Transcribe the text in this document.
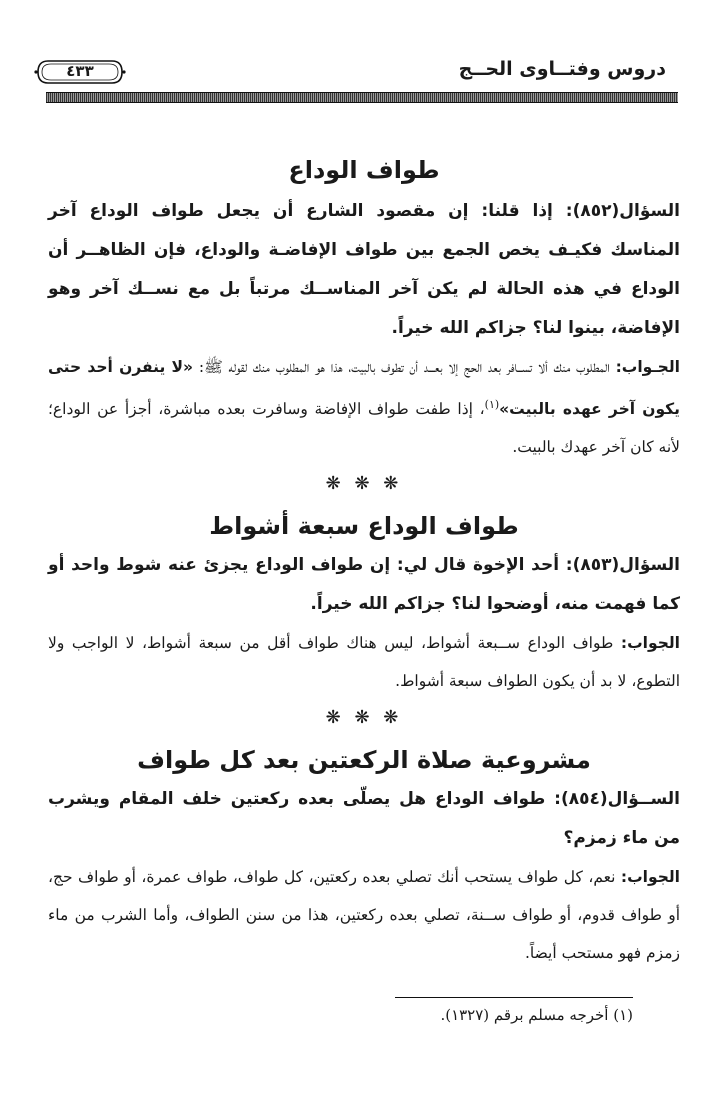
دروس وفتــاوى الحــج
٤٣٣
طواف الوداع

السؤال(٨٥٢): إذا قلنا: إن مقصود الشارع أن يجعل طواف الوداع آخر المناسك فكيـف يخص الجمع بين طواف الإفاضـة والوداع، فإن الظاهــر أن الوداع في هذه الحالة لم يكن آخر المناســك مرتباً بل مع نســك آخر وهو الإفاضة، بينوا لنا؟ جزاكم الله خيراً.

الجـواب: المطلوب منك ألا تســافر بعد الحج إلا بعـــد أن تطوف بالبيت، هذا هو المطلوب منك لقوله ﷺ: «لا ينفرن أحد حتى يكون آخر عهده بالبيت»$^{(١)}$، إذا طفت طواف الإفاضة وسافرت بعده مباشرة، أجزأ عن الوداع؛ لأنه كان آخر عهدك بالبيت.

❋ ❋ ❋
طواف الوداع سبعة أشواط

السؤال(٨٥٣): أحد الإخوة قال لي: إن طواف الوداع يجزئ عنه شوط واحد أو كما فهمت منه، أوضحوا لنا؟ جزاكم الله خيراً.

الجواب: طواف الوداع ســبعة أشواط، ليس هناك طواف أقل من سبعة أشواط، لا الواجب ولا التطوع، لا بد أن يكون الطواف سبعة أشواط.

❋ ❋ ❋
مشروعية صلاة الركعتين بعد كل طواف

الســؤال(٨٥٤): طواف الوداع هل يصلّى بعده ركعتين خلف المقام ويشرب من ماء زمزم؟

الجواب: نعم، كل طواف يستحب أنك تصلي بعده ركعتين، كل طواف، طواف عمرة، أو طواف حج، أو طواف قدوم، أو طواف ســنة، تصلي بعده ركعتين، هذا من سنن الطواف، وأما الشرب من ماء زمزم فهو مستحب أيضاً.

(١) أخرجه مسلم برقم (١٣٢٧).
